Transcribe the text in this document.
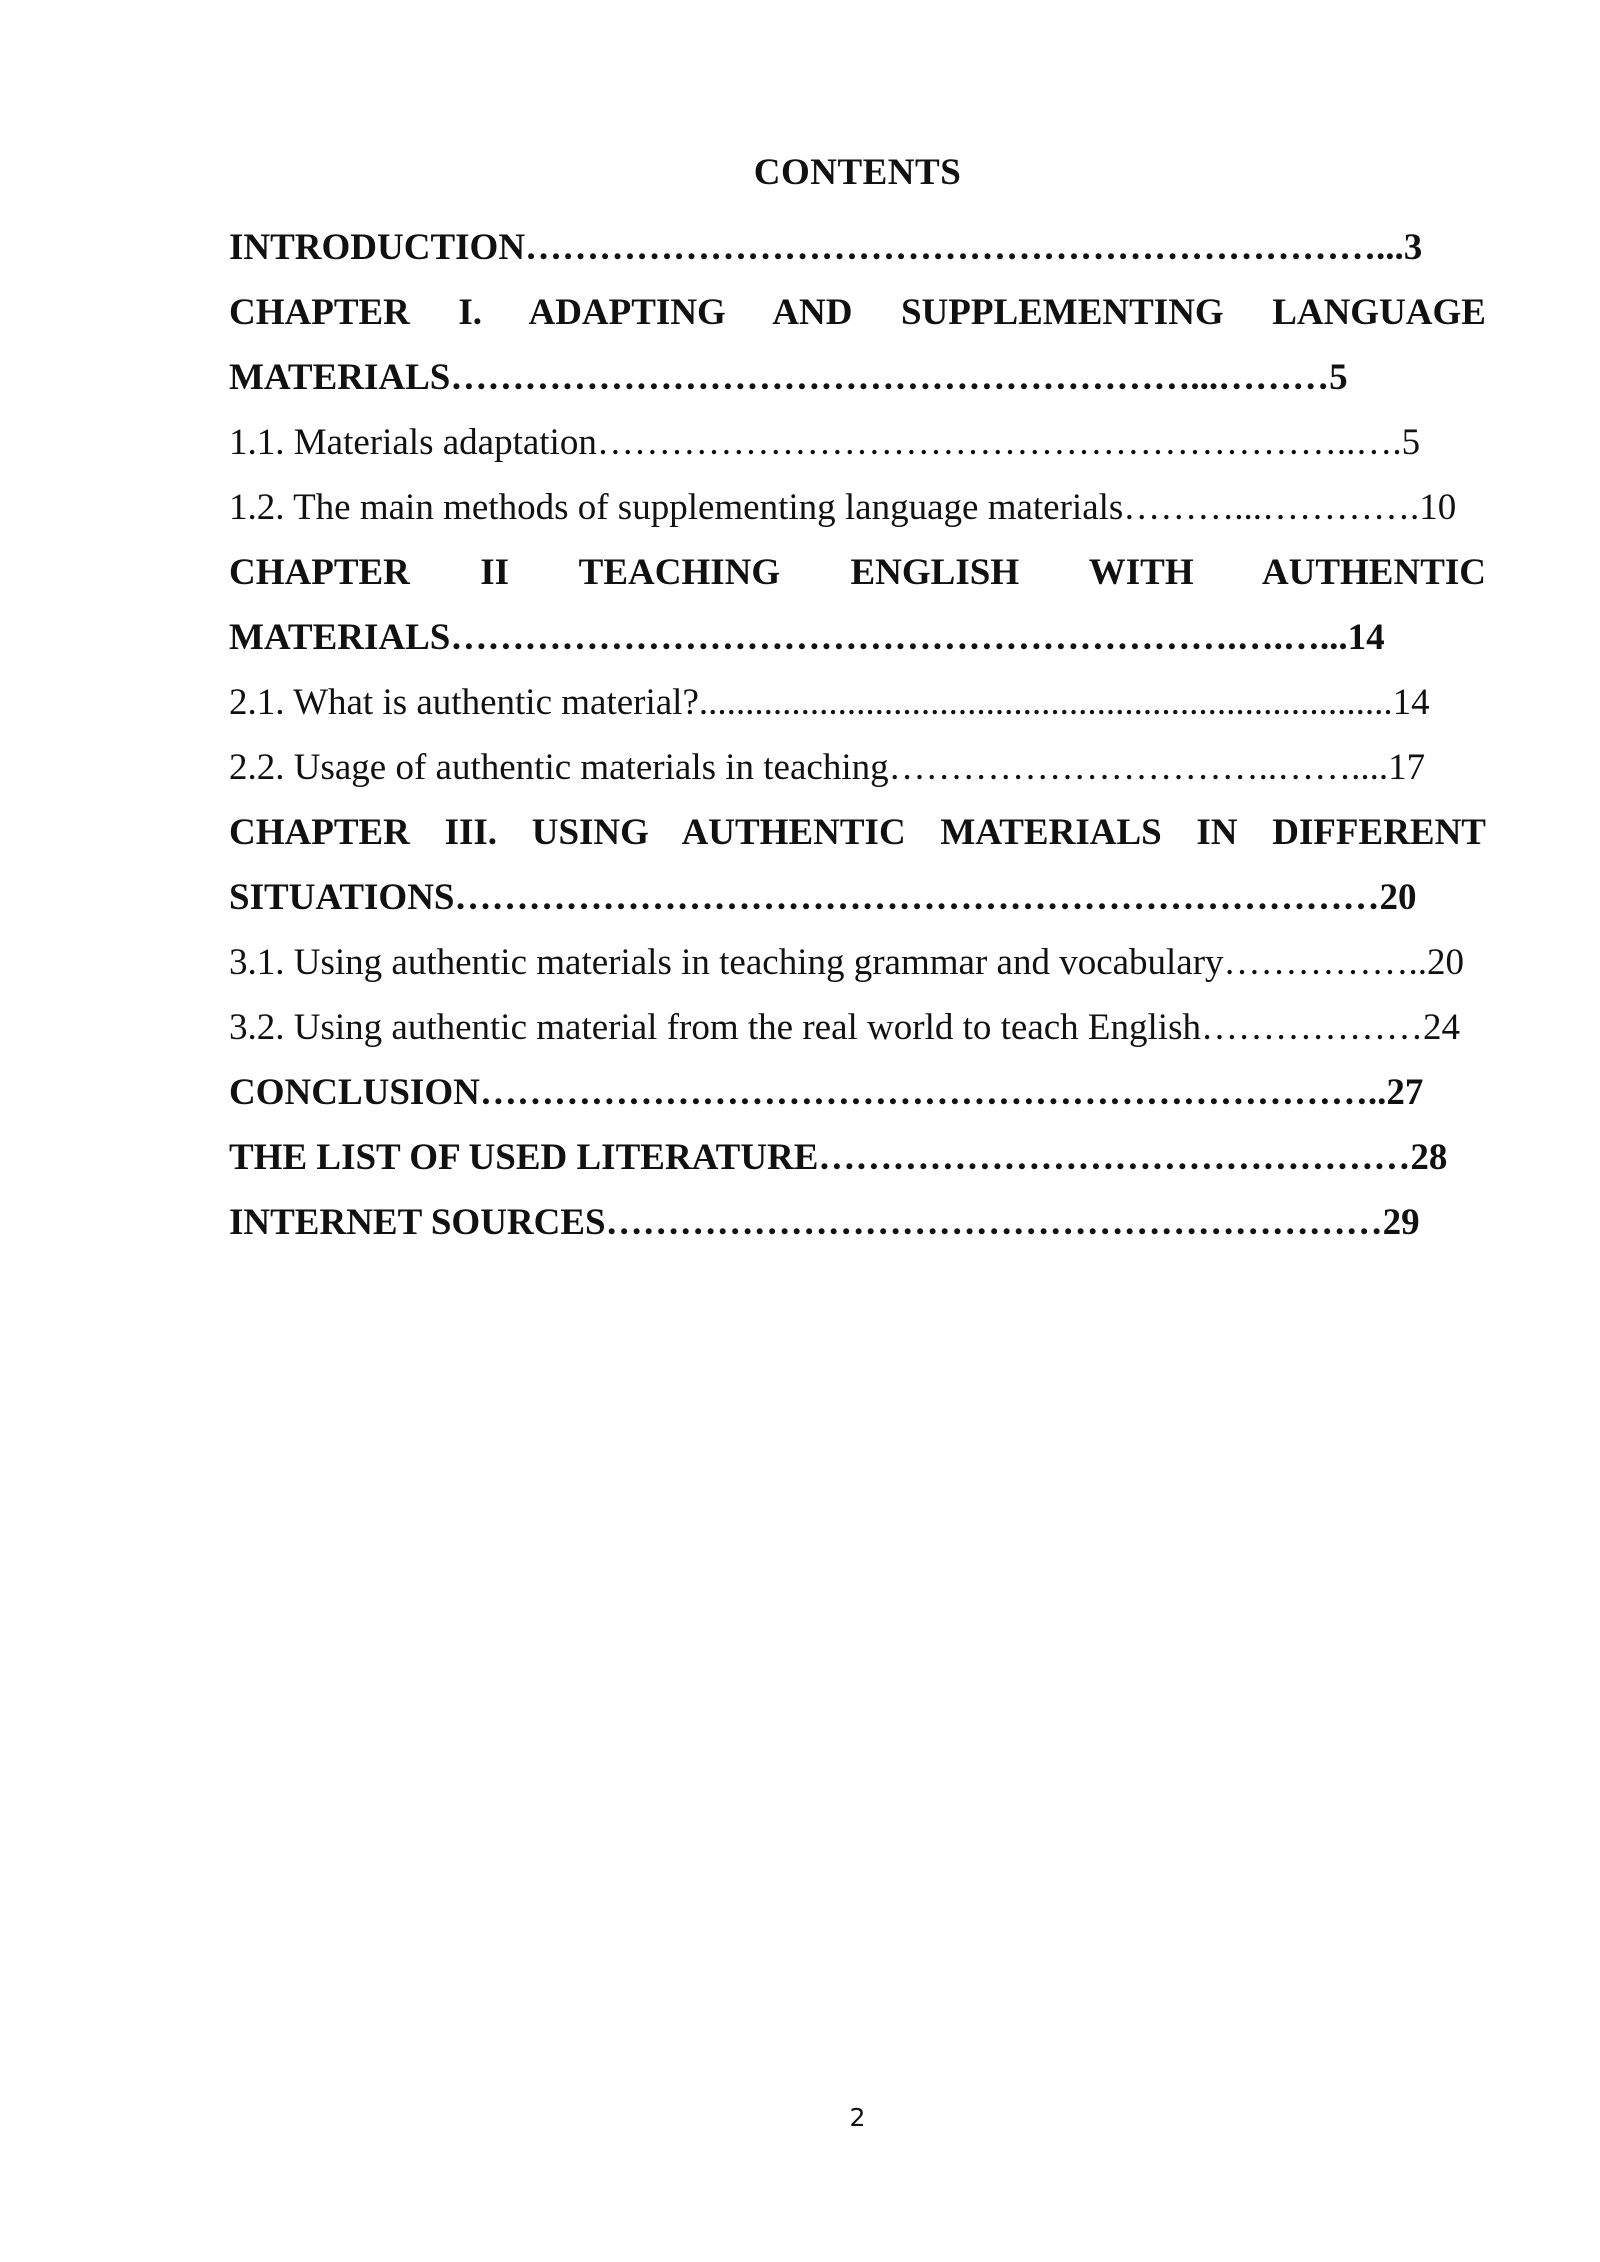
CONTENTS
INTRODUCTION……………………………………………………………...3
CHAPTER I. ADAPTING AND SUPPLEMENTING LANGUAGE
MATERIALS……………………………………………………...………5
1.1. Materials adaptation……………………………………………………..….5
1.2. The main methods of supplementing language materials………...………….10
CHAPTER II TEACHING ENGLISH WITH AUTHENTIC
MATERIALS……………………………………………………….….…...14
2.1. What is authentic material?...........................................................................14
2.2. Usage of authentic materials in teaching…………………………..……....17
CHAPTER III. USING AUTHENTIC MATERIALS IN DIFFERENT
SITUATIONS…………………………………………………………………20
3.1. Using authentic materials in teaching grammar and vocabulary……………..20
3.2. Using authentic material from the real world to teach English………………24
CONCLUSION………………………………………………………………..27
THE LIST OF USED LITERATURE…………………………………………28
INTERNET SOURCES………………………………………………………29
2
